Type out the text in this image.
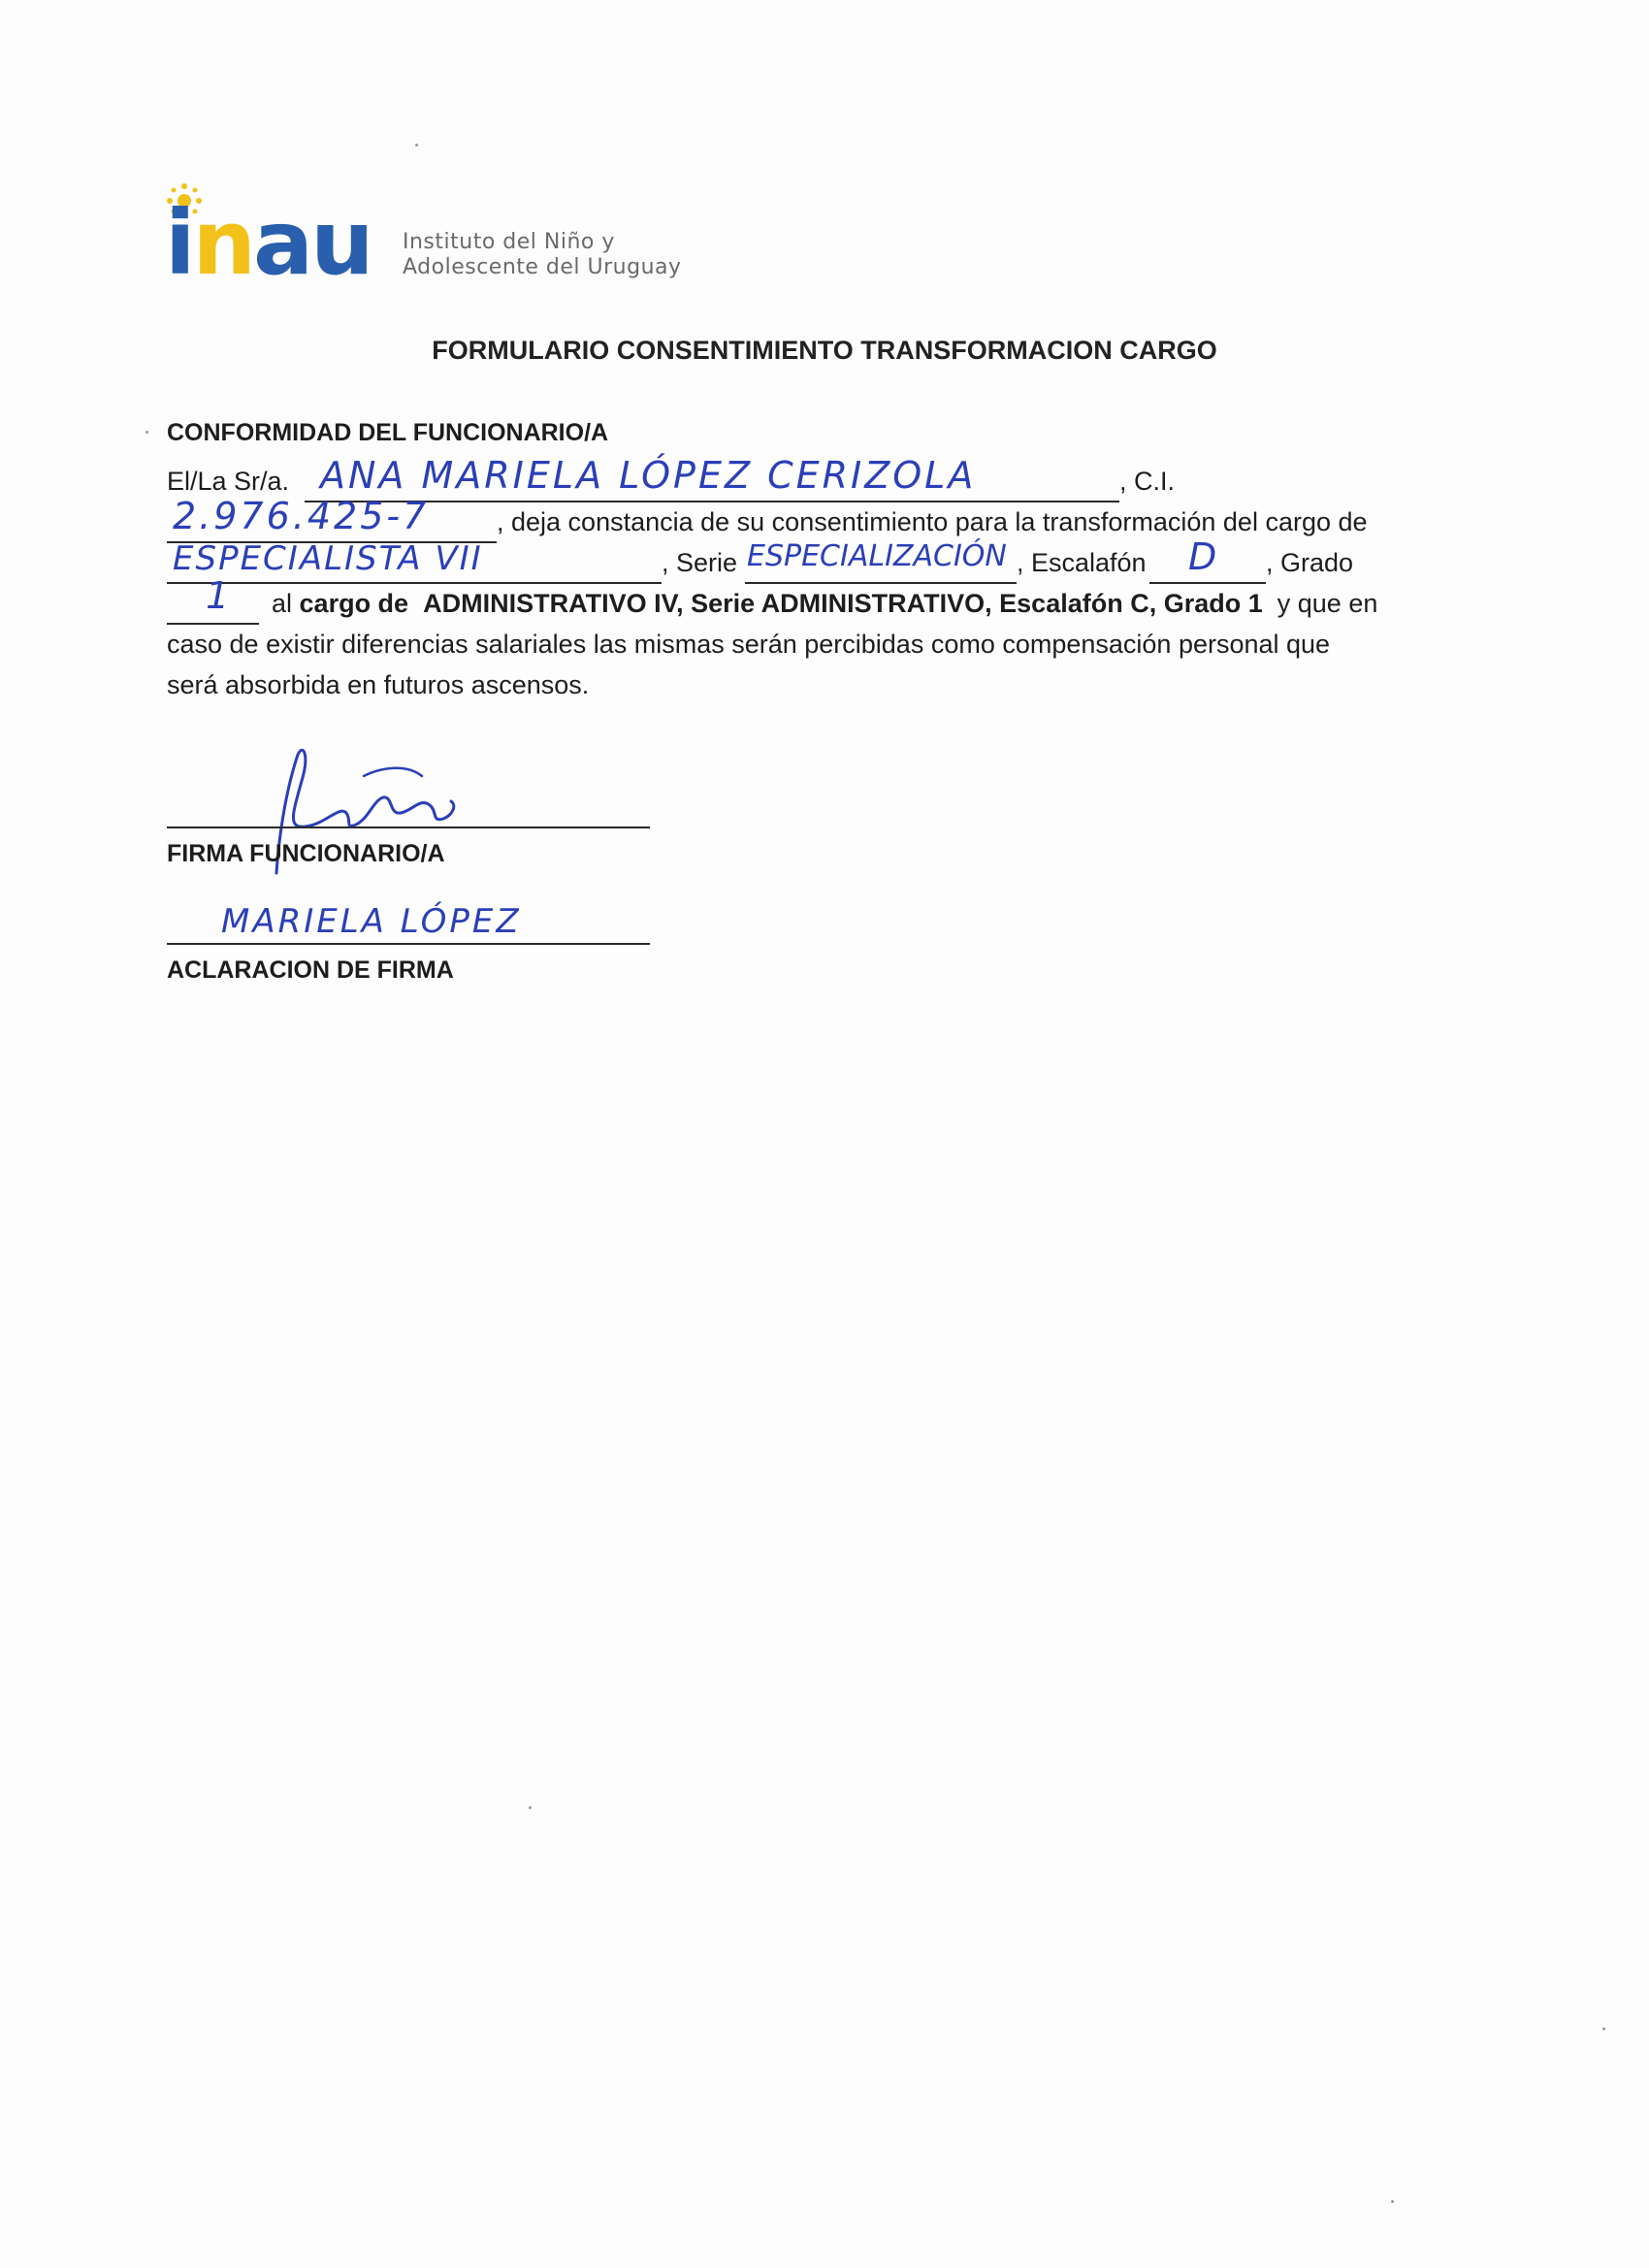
inau Instituto del Niño y
Adolescente del Uruguay
FORMULARIO CONSENTIMIENTO TRANSFORMACION CARGO
CONFORMIDAD DEL FUNCIONARIO/A
El/La Sr/a. ANA MARIELA LÓPEZ CERIZOLA	, C.I.
2.976.425-7	, deja constancia de su consentimiento para la transformación del cargo de
ESPECIALISTA VII	, Serie ESPECIALIZACIÓN , Escalafón D , Grado
1 al cargo de ADMINISTRATIVO IV, Serie ADMINISTRATIVO, Escalafón C, Grado 1 y que en
caso de existir diferencias salariales las mismas serán percibidas como compensación personal que
será absorbida en futuros ascensos.
FIRMA FUNCIONARIO/A
MARIELA LÓPEZ
ACLARACION DE FIRMA
